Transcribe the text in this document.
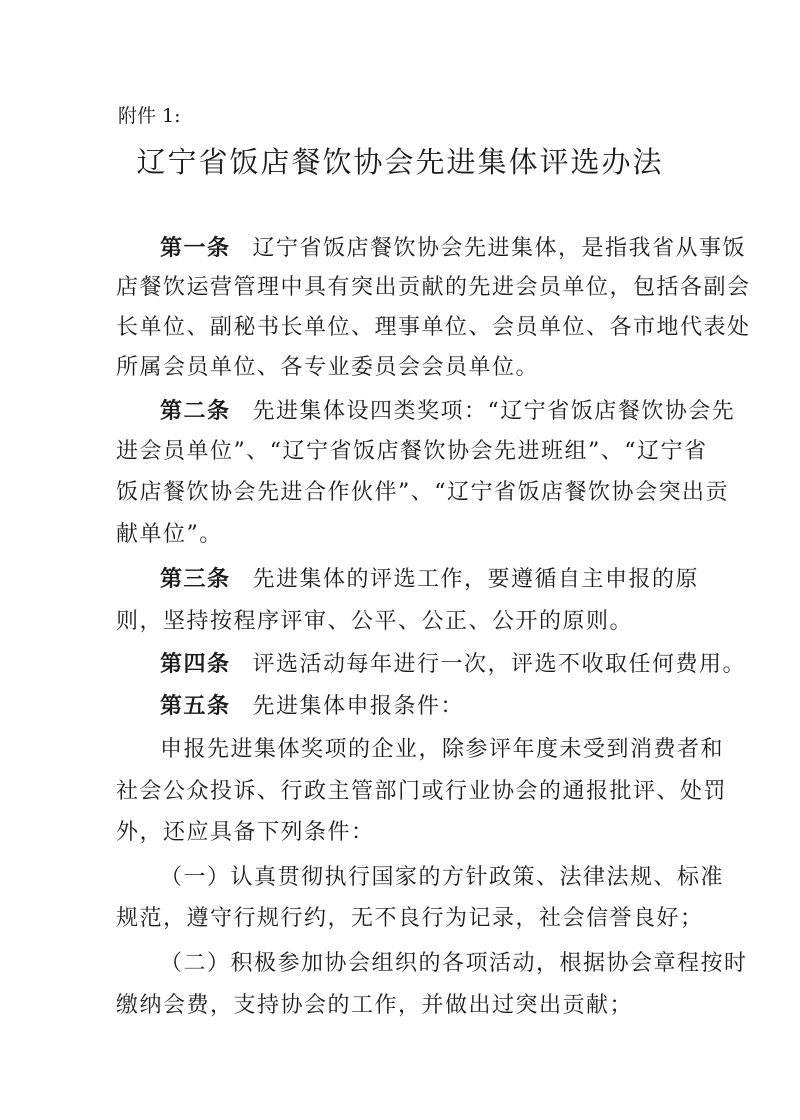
附件 1:
辽宁省饭店餐饮协会先进集体评选办法
第一条 辽宁省饭店餐饮协会先进集体，是指我省从事饭
店餐饮运营管理中具有突出贡献的先进会员单位，包括各副会
长单位、副秘书长单位、理事单位、会员单位、各市地代表处
所属会员单位、各专业委员会会员单位。
第二条 先进集体设四类奖项：“辽宁省饭店餐饮协会先
进会员单位”、“辽宁省饭店餐饮协会先进班组”、“辽宁省
饭店餐饮协会先进合作伙伴”、“辽宁省饭店餐饮协会突出贡
献单位”。
第三条 先进集体的评选工作，要遵循自主申报的原
则，坚持按程序评审、公平、公正、公开的原则。
第四条 评选活动每年进行一次，评选不收取任何费用。
第五条 先进集体申报条件：
申报先进集体奖项的企业，除参评年度未受到消费者和
社会公众投诉、行政主管部门或行业协会的通报批评、处罚
外，还应具备下列条件：
（一）认真贯彻执行国家的方针政策、法律法规、标准
规范，遵守行规行约，无不良行为记录，社会信誉良好；
（二）积极参加协会组织的各项活动，根据协会章程按时
缴纳会费，支持协会的工作，并做出过突出贡献；
